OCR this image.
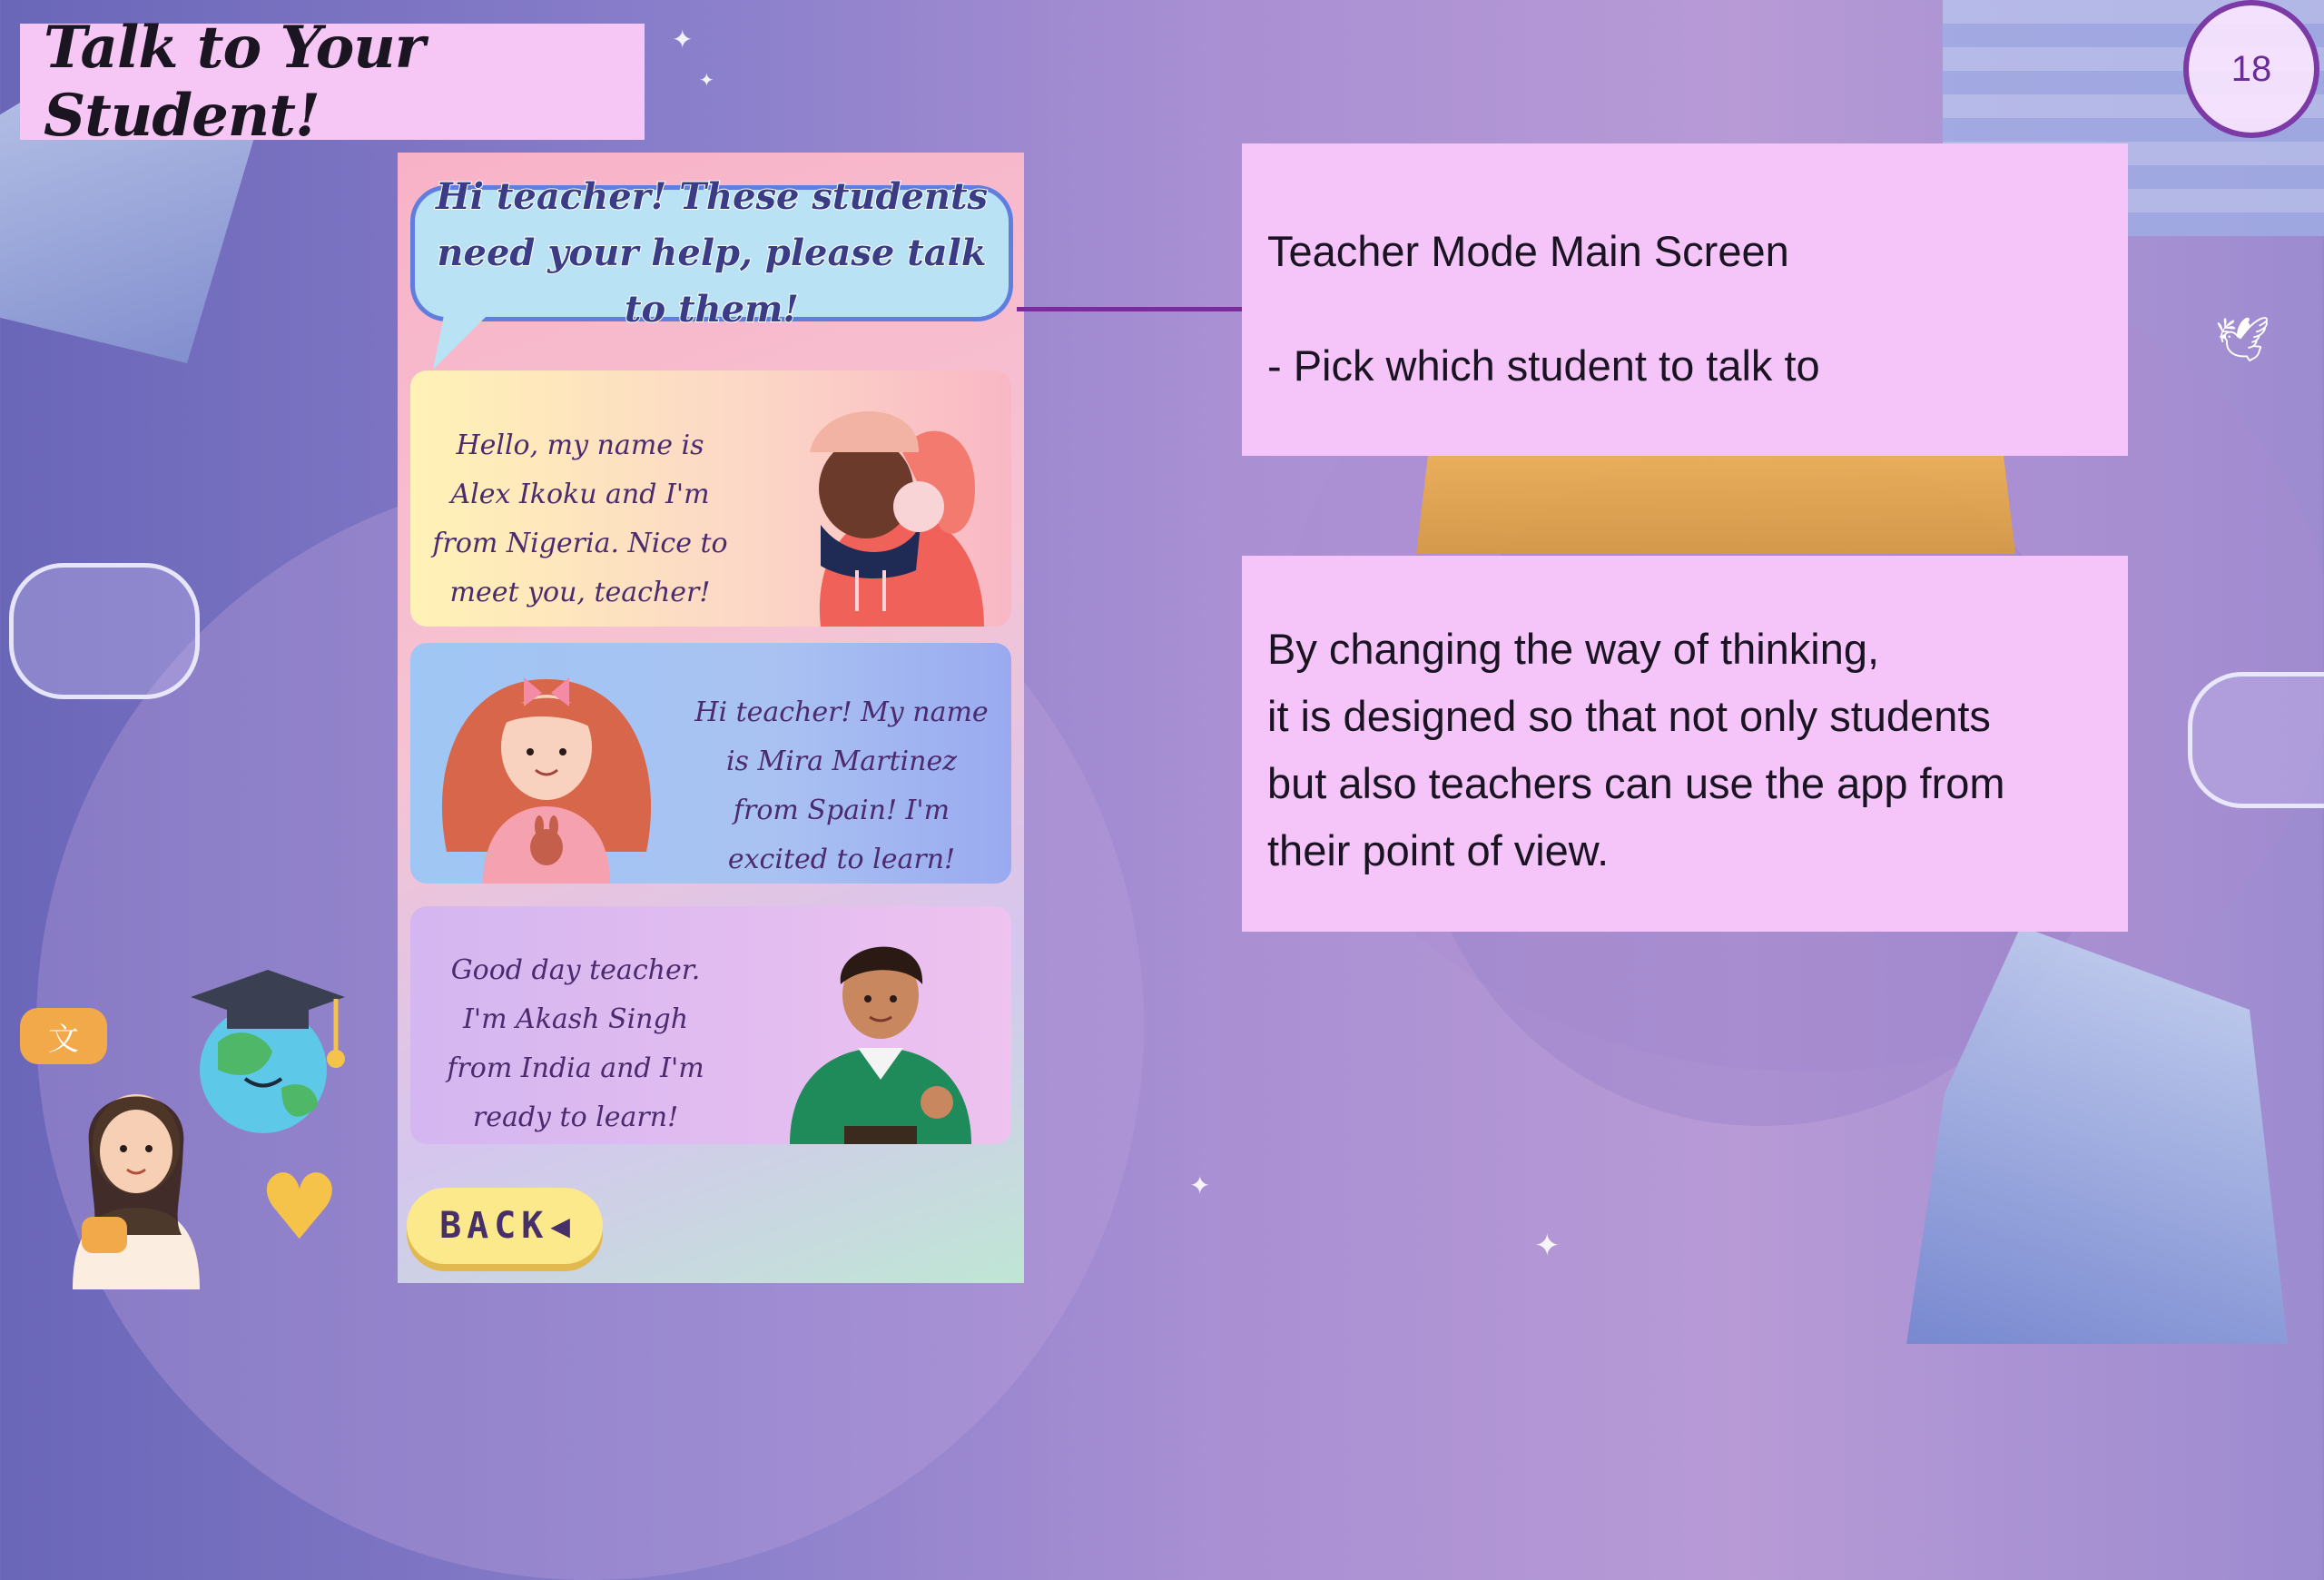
✦
✦
✦
✦
🕊
Talk to Your Student!
18
Hi teacher! These students need your help, please talk to them!
Hello, my name is Alex Ikoku and I'm from Nigeria. Nice to meet you, teacher!
Hi teacher! My name is Mira Martinez from Spain! I'm excited to learn!
Good day teacher. I'm Akash Singh from India and I'm ready to learn!
BACK ◀
Teacher Mode Main Screen
- Pick which student to talk to
By changing the way of thinking,
it is designed so that not only students
but also teachers can use the app from
their point of view.
文
♥
